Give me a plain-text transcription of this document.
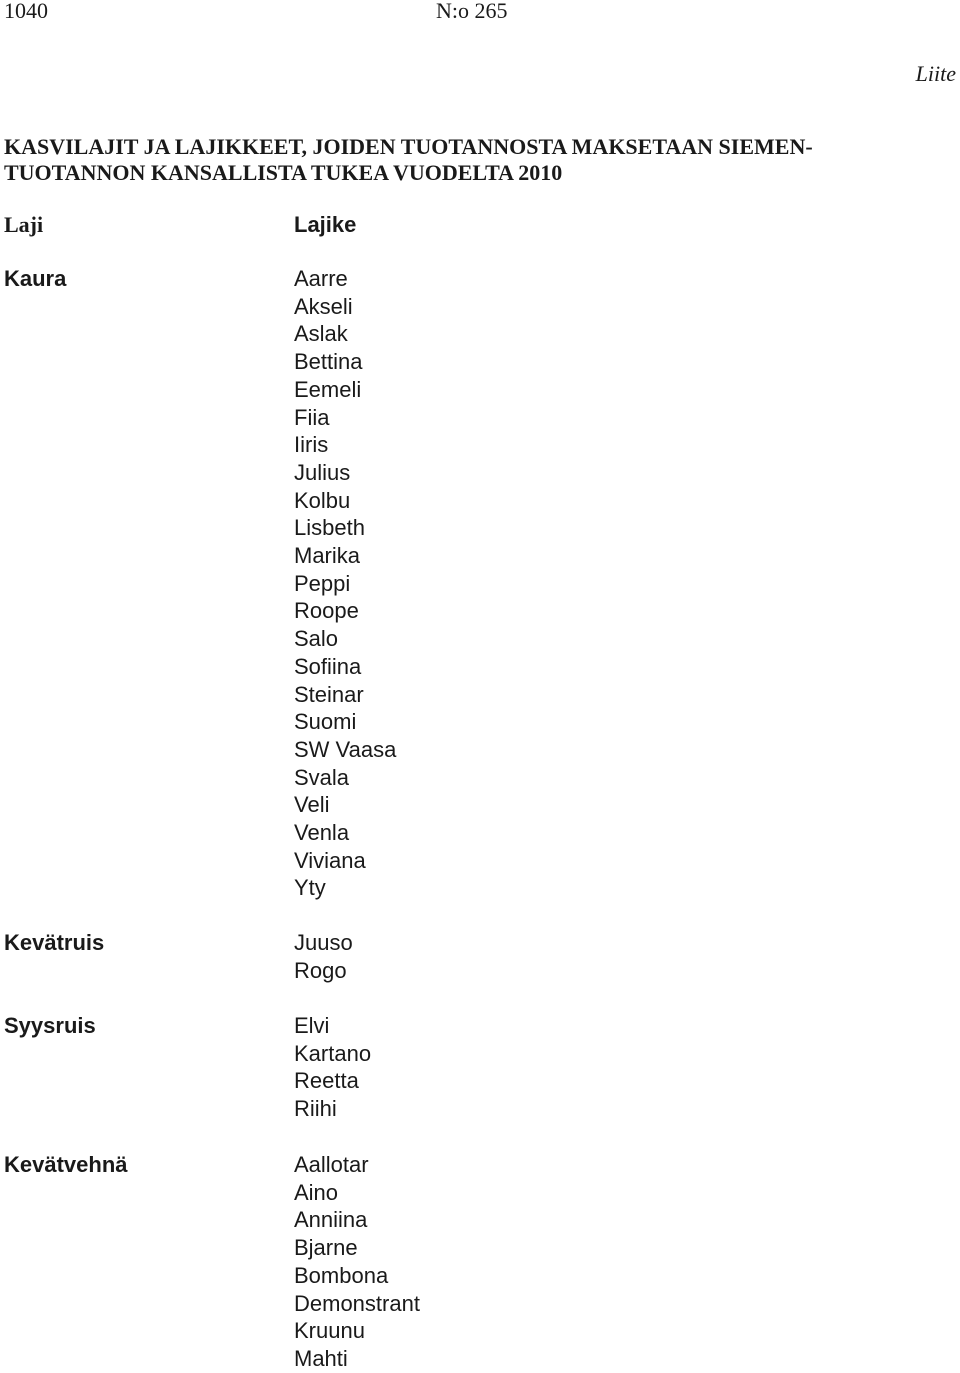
1040	N:o 265
Liite
KASVILAJIT JA LAJIKKEET, JOIDEN TUOTANNOSTA MAKSETAAN SIEMEN-
TUOTANNON KANSALLISTA TUKEA VUODELTA 2010
Laji	Lajike
Kaura	Aarre
Akseli
Aslak
Bettina
Eemeli
Fiia
Iiris
Julius
Kolbu
Lisbeth
Marika
Peppi
Roope
Salo
Sofiina
Steinar
Suomi
SW Vaasa
Svala
Veli
Venla
Viviana
Yty
Kevätruis	Juuso
Rogo
Syysruis	Elvi
Kartano
Reetta
Riihi
Kevätvehnä	Aallotar
Aino
Anniina
Bjarne
Bombona
Demonstrant
Kruunu
Mahti
